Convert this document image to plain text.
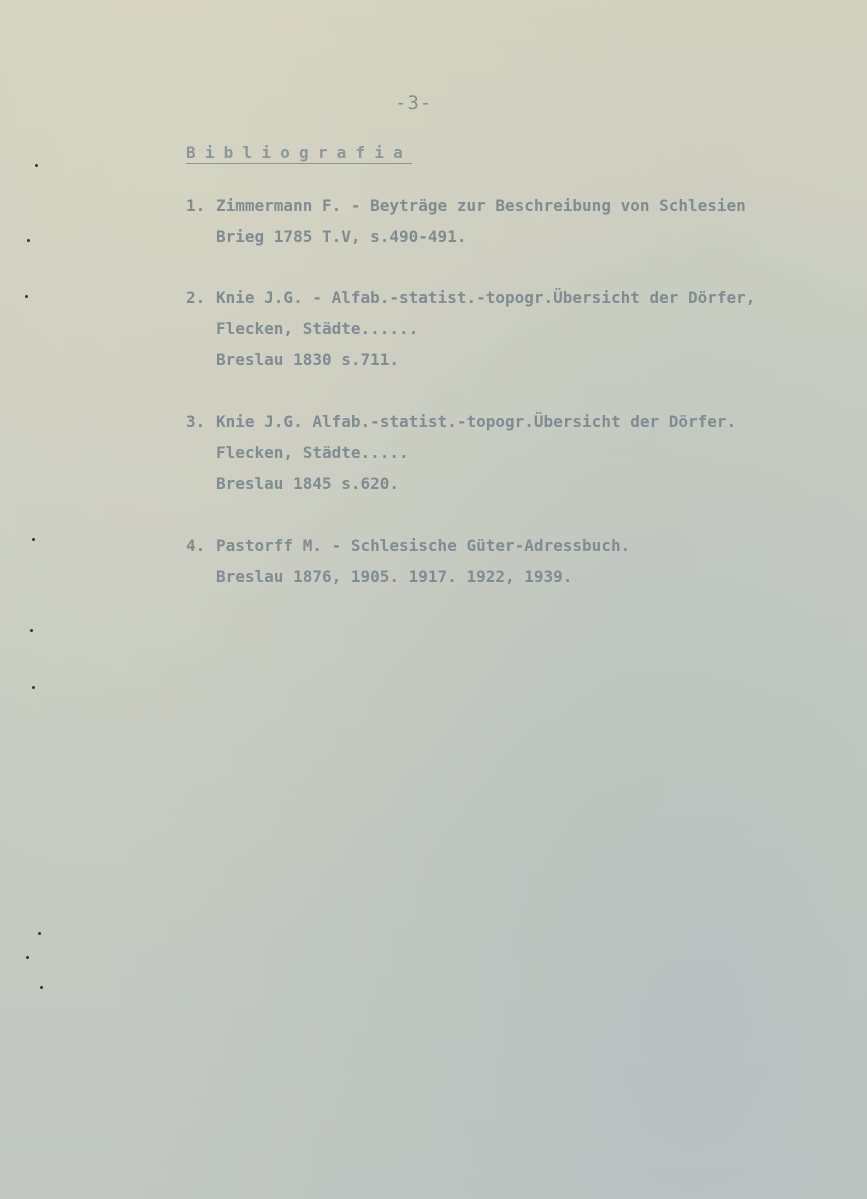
-3-
Bibliografia
1. Zimmermann F. - Beyträge zur Beschreibung von Schlesien
Brieg 1785 T.V, s.490-491.
2. Knie J.G. - Alfab.-statist.-topogr.Übersicht der Dörfer,
Flecken, Städte......
Breslau 1830 s.711.
3. Knie J.G. Alfab.-statist.-topogr.Übersicht der Dörfer.
Flecken, Städte.....
Breslau 1845 s.620.
4. Pastorff M. - Schlesische Güter-Adressbuch.
Breslau 1876, 1905. 1917. 1922, 1939.
